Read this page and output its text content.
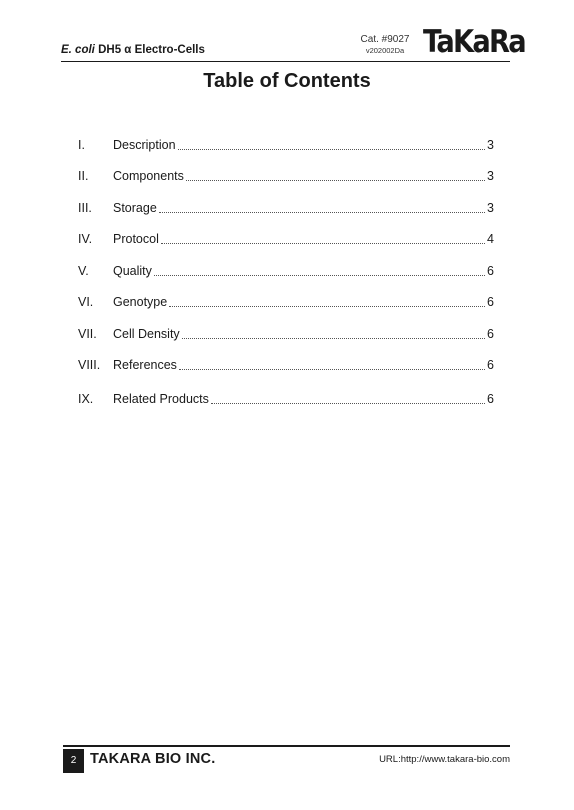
E. coli DH5 α Electro-Cells
Cat. #9027
v202002Da TaKaRa
Table of Contents
I.	Description	3
II.	Components	3
III.	Storage	3
IV.	Protocol	4
V.	Quality	6
VI.	Genotype	6
VII.	Cell Density	6
VIII.	References	6
IX.	Related Products	6
2 TAKARA BIO INC.	URL:http://www.takara-bio.com
